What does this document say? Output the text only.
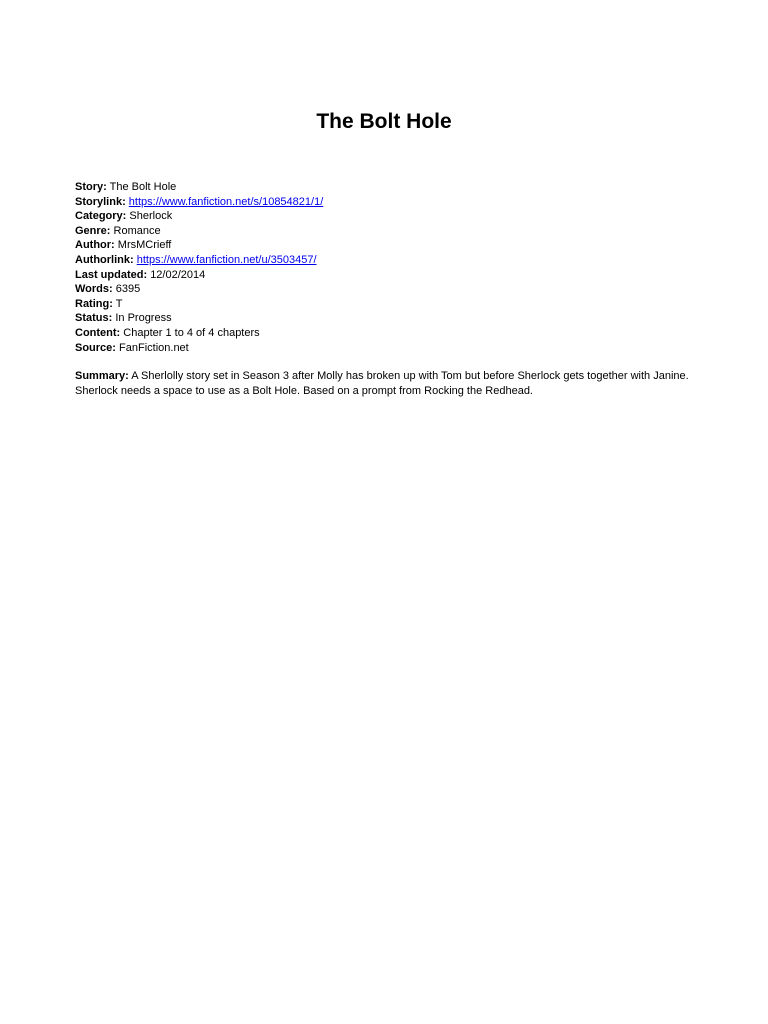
The Bolt Hole
Story: The Bolt Hole
Storylink: https://www.fanfiction.net/s/10854821/1/
Category: Sherlock
Genre: Romance
Author: MrsMCrieff
Authorlink: https://www.fanfiction.net/u/3503457/
Last updated: 12/02/2014
Words: 6395
Rating: T
Status: In Progress
Content: Chapter 1 to 4 of 4 chapters
Source: FanFiction.net
Summary: A Sherlolly story set in Season 3 after Molly has broken up with Tom but before Sherlock gets together with Janine. Sherlock needs a space to use as a Bolt Hole. Based on a prompt from Rocking the Redhead.
